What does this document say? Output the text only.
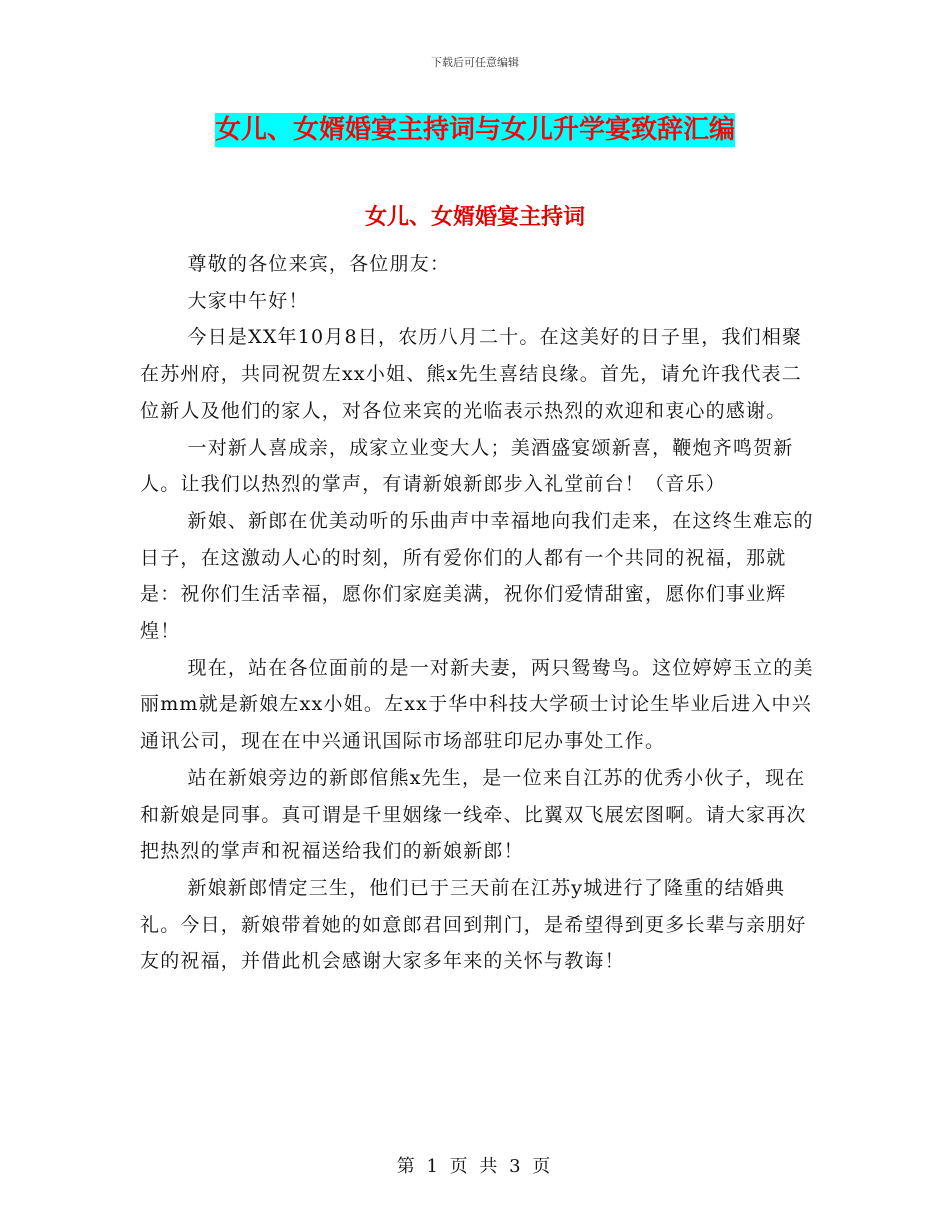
下载后可任意编辑
女儿、女婿婚宴主持词与女儿升学宴致辞汇编
女儿、女婿婚宴主持词

尊敬的各位来宾，各位朋友：

大家中午好！

今日是XX年10月8日，农历八月二十。在这美好的日子里，我们相聚在苏州府，共同祝贺左xx小姐、熊x先生喜结良缘。首先，请允许我代表二位新人及他们的家人，对各位来宾的光临表示热烈的欢迎和衷心的感谢。

一对新人喜成亲，成家立业变大人；美酒盛宴颂新喜，鞭炮齐鸣贺新人。让我们以热烈的掌声，有请新娘新郎步入礼堂前台！（音乐）

新娘、新郎在优美动听的乐曲声中幸福地向我们走来，在这终生难忘的日子，在这激动人心的时刻，所有爱你们的人都有一个共同的祝福，那就是：祝你们生活幸福，愿你们家庭美满，祝你们爱情甜蜜，愿你们事业辉煌！

现在，站在各位面前的是一对新夫妻，两只鸳鸯鸟。这位婷婷玉立的美丽mm就是新娘左xx小姐。左xx于华中科技大学硕士讨论生毕业后进入中兴通讯公司，现在在中兴通讯国际市场部驻印尼办事处工作。

站在新娘旁边的新郎倌熊x先生，是一位来自江苏的优秀小伙子，现在和新娘是同事。真可谓是千里姻缘一线牵、比翼双飞展宏图啊。请大家再次把热烈的掌声和祝福送给我们的新娘新郎！

新娘新郎情定三生，他们已于三天前在江苏y城进行了隆重的结婚典礼。今日，新娘带着她的如意郎君回到荆门，是希望得到更多长辈与亲朋好友的祝福，并借此机会感谢大家多年来的关怀与教诲！

第 1 页 共 3 页
